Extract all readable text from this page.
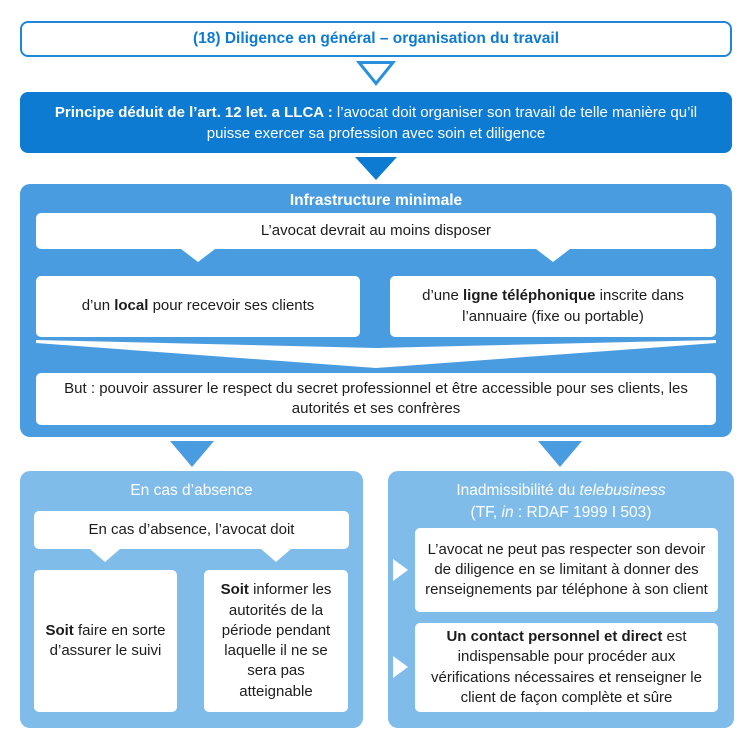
(18) Diligence en général – organisation du travail
Principe déduit de l’art. 12 let. a LLCA : l’avocat doit organiser son travail de telle manière qu’il puisse exercer sa profession avec soin et diligence
Infrastructure minimale
L’avocat devrait au moins disposer
d’un local pour recevoir ses clients
d’une ligne téléphonique inscrite dans l’annuaire (fixe ou portable)
But : pouvoir assurer le respect du secret professionnel et être accessible pour ses clients, les autorités et ses confrères
En cas d’absence
En cas d’absence, l’avocat doit
Soit faire en sorte d’assurer le suivi
Soit informer les autorités de la période pendant laquelle il ne se sera pas atteignable
Inadmissibilité du telebusiness
(TF, in : RDAF 1999 I 503)
L’avocat ne peut pas respecter son devoir de diligence en se limitant à donner des renseignements par téléphone à son client
Un contact personnel et direct est indispensable pour procéder aux vérifications nécessaires et renseigner le client de façon complète et sûre
